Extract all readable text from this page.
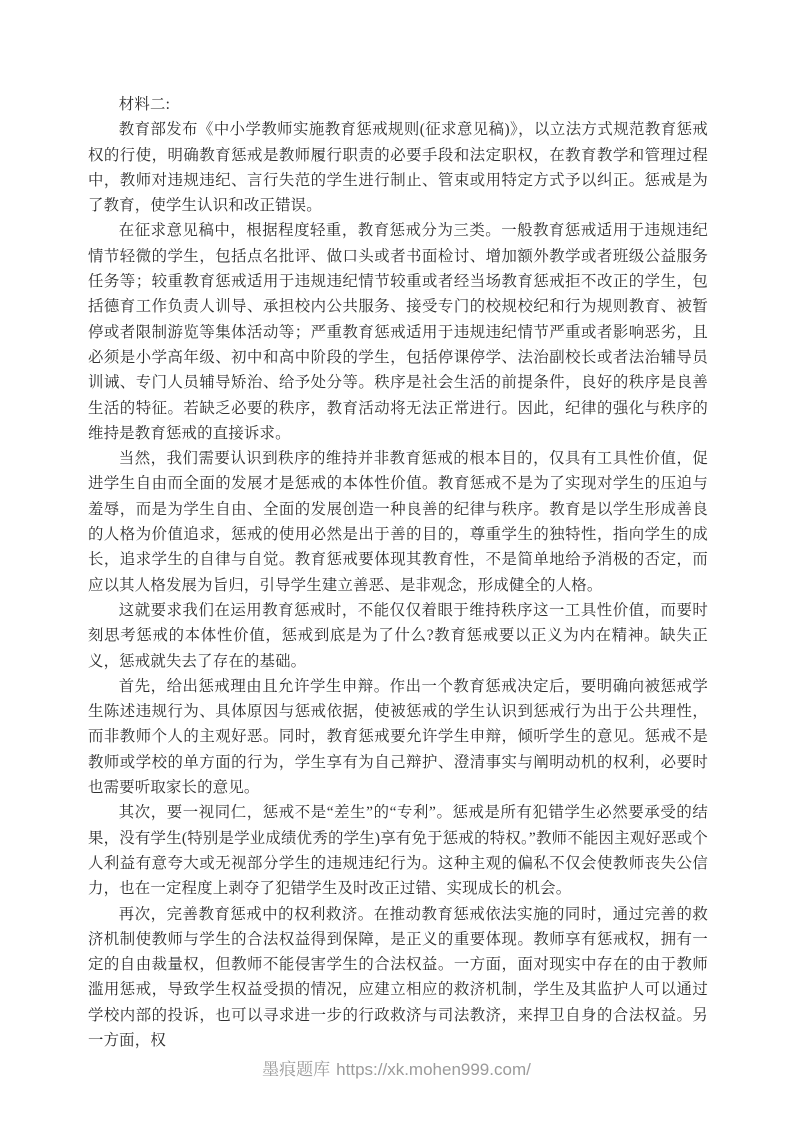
材料二:

教育部发布《中小学教师实施教育惩戒规则(征求意见稿)》，以立法方式规范教育惩戒权的行使，明确教育惩戒是教师履行职责的必要手段和法定职权，在教育教学和管理过程中，教师对违规违纪、言行失范的学生进行制止、管束或用特定方式予以纠正。惩戒是为了教育，使学生认识和改正错误。

在征求意见稿中，根据程度轻重，教育惩戒分为三类。一般教育惩戒适用于违规违纪情节轻微的学生，包括点名批评、做口头或者书面检讨、增加额外教学或者班级公益服务任务等；较重教育惩戒适用于违规违纪情节较重或者经当场教育惩戒拒不改正的学生，包括德育工作负责人训导、承担校内公共服务、接受专门的校规校纪和行为规则教育、被暂停或者限制游览等集体活动等；严重教育惩戒适用于违规违纪情节严重或者影响恶劣，且必须是小学高年级、初中和高中阶段的学生，包括停课停学、法治副校长或者法治辅导员训诫、专门人员辅导矫治、给予处分等。秩序是社会生活的前提条件，良好的秩序是良善生活的特征。若缺乏必要的秩序，教育活动将无法正常进行。因此，纪律的强化与秩序的维持是教育惩戒的直接诉求。

当然，我们需要认识到秩序的维持并非教育惩戒的根本目的，仅具有工具性价值，促进学生自由而全面的发展才是惩戒的本体性价值。教育惩戒不是为了实现对学生的压迫与羞辱，而是为学生自由、全面的发展创造一种良善的纪律与秩序。教育是以学生形成善良的人格为价值追求，惩戒的使用必然是出于善的目的，尊重学生的独特性，指向学生的成长，追求学生的自律与自觉。教育惩戒要体现其教育性，不是简单地给予消极的否定，而应以其人格发展为旨归，引导学生建立善恶、是非观念，形成健全的人格。

这就要求我们在运用教育惩戒时，不能仅仅着眼于维持秩序这一工具性价值，而要时刻思考惩戒的本体性价值，惩戒到底是为了什么?教育惩戒要以正义为内在精神。缺失正义，惩戒就失去了存在的基础。

首先，给出惩戒理由且允许学生申辩。作出一个教育惩戒决定后，要明确向被惩戒学生陈述违规行为、具体原因与惩戒依据，使被惩戒的学生认识到惩戒行为出于公共理性，而非教师个人的主观好恶。同时，教育惩戒要允许学生申辩，倾听学生的意见。惩戒不是教师或学校的单方面的行为，学生享有为自己辩护、澄清事实与阐明动机的权利，必要时也需要听取家长的意见。

其次，要一视同仁，惩戒不是“差生”的“专利”。惩戒是所有犯错学生必然要承受的结果，没有学生(特别是学业成绩优秀的学生)享有免于惩戒的特权。”教师不能因主观好恶或个人利益有意夸大或无视部分学生的违规违纪行为。这种主观的偏私不仅会使教师丧失公信力，也在一定程度上剥夺了犯错学生及时改正过错、实现成长的机会。

再次，完善教育惩戒中的权利救济。在推动教育惩戒依法实施的同时，通过完善的救济机制使教师与学生的合法权益得到保障，是正义的重要体现。教师享有惩戒权，拥有一定的自由裁量权，但教师不能侵害学生的合法权益。一方面，面对现实中存在的由于教师滥用惩戒，导致学生权益受损的情况，应建立相应的救济机制，学生及其监护人可以通过学校内部的投诉，也可以寻求进一步的行政救济与司法教济，来捍卫自身的合法权益。另一方面，权

墨痕题库 https://xk.mohen999.com/
